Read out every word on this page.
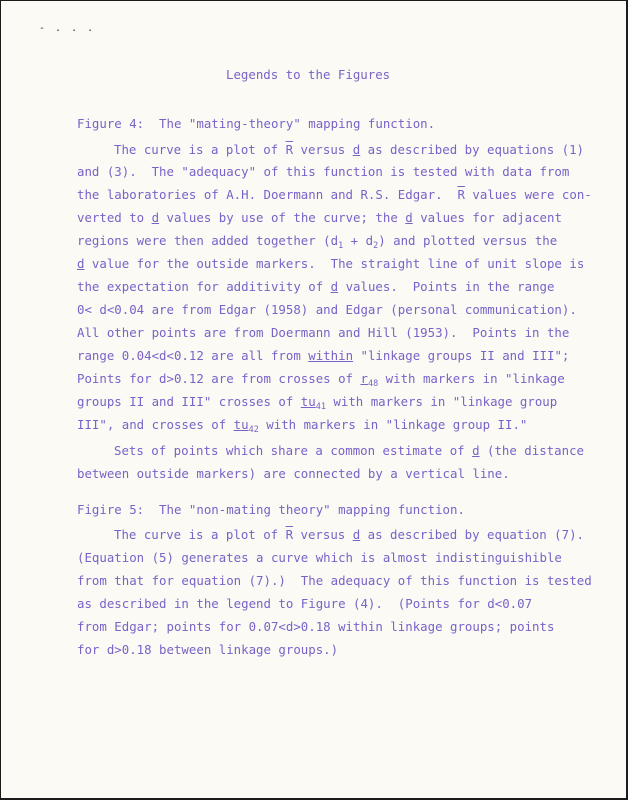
- . . .
Legends to the Figures
Figure 4:  The "mating-theory" mapping function.
The curve is a plot of $\overline{R}$ versus d as described by equations (1)
and (3).  The "adequacy" of this function is tested with data from
the laboratories of A.H. Doermann and R.S. Edgar.  $\overline{R}$ values were con-
verted to d values by use of the curve; the d values for adjacent
regions were then added together $(d_1 + d_2)$ and plotted versus the
d value for the outside markers.  The straight line of unit slope is
the expectation for additivity of d values.  Points in the range
0< d<0.04 are from Edgar (1958) and Edgar (personal communication).
All other points are from Doermann and Hill (1953).  Points in the
range 0.04<d<0.12 are all from within "linkage groups II and III";
Points for d>0.12 are from crosses of $r_{48}$ with markers in "linkage
groups II and III" crosses of $tu_{41}$ with markers in "linkage group
III", and crosses of $tu_{42}$ with markers in "linkage group II."
Sets of points which share a common estimate of d (the distance
between outside markers) are connected by a vertical line.
Figire 5:  The "non-mating theory" mapping function.
The curve is a plot of $\overline{R}$ versus d as described by equation (7).
(Equation (5) generates a curve which is almost indistinguishible
from that for equation (7).)  The adequacy of this function is tested
as described in the legend to Figure (4).  (Points for d<0.07
from Edgar; points for 0.07<d>0.18 within linkage groups; points
for d>0.18 between linkage groups.)
